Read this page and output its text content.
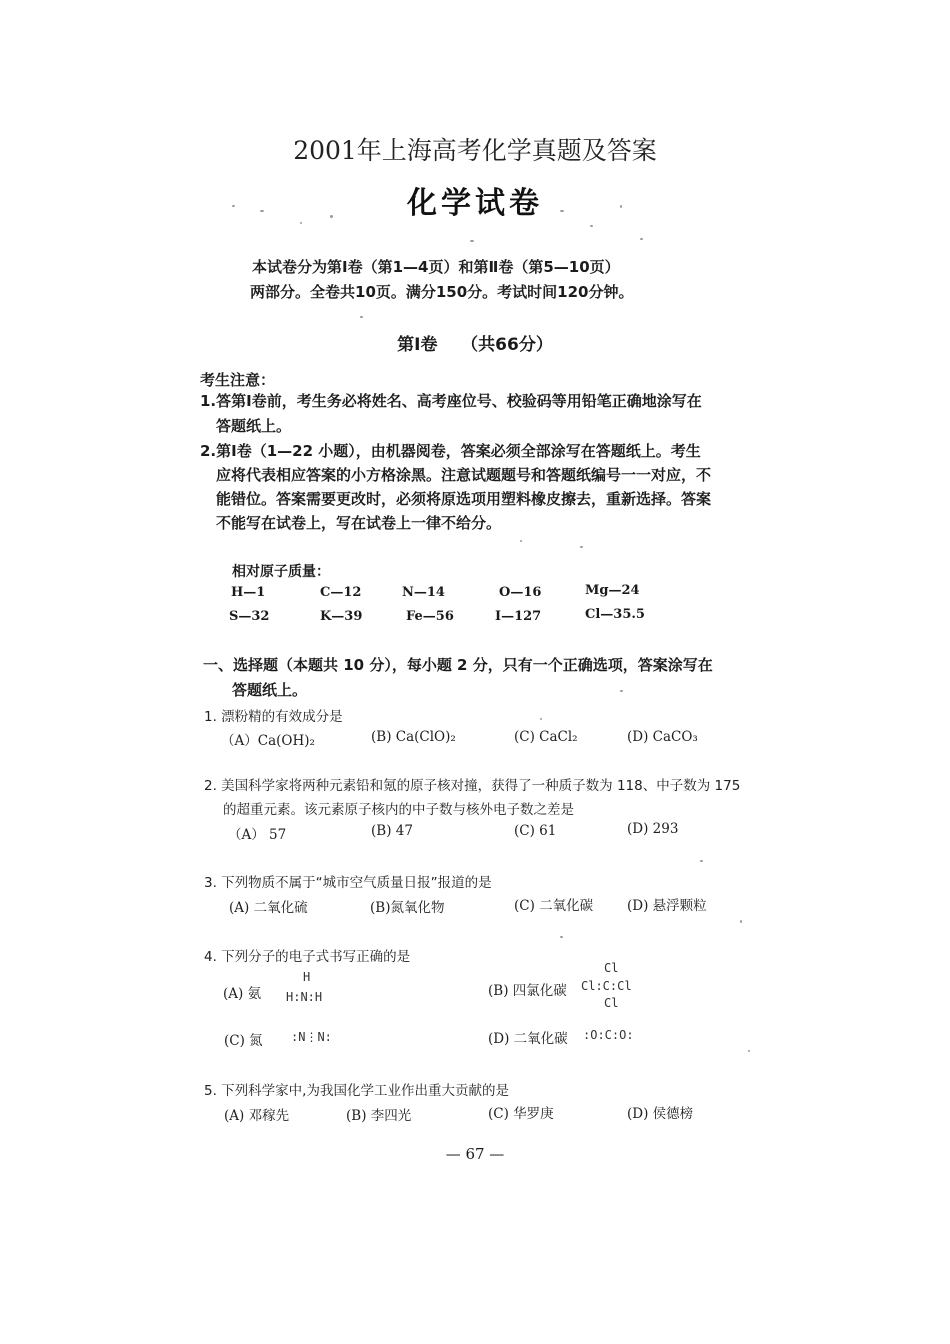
2001年上海高考化学真题及答案
化学试卷
本试卷分为第Ⅰ卷（第1—4页）和第Ⅱ卷（第5—10页）
两部分。全卷共10页。满分150分。考试时间120分钟。
第Ⅰ卷 （共66分）
考生注意：
1.答第Ⅰ卷前，考生务必将姓名、高考座位号、校验码等用铅笔正确地涂写在
答题纸上。
2.第Ⅰ卷（1—22 小题），由机器阅卷，答案必须全部涂写在答题纸上。考生
应将代表相应答案的小方格涂黑。注意试题题号和答题纸编号一一对应，不
能错位。答案需要更改时，必须将原选项用塑料橡皮擦去，重新选择。答案
不能写在试卷上，写在试卷上一律不给分。
相对原子质量：
H—1	C—12	N—14	O—16	Mg—24
S—32	K—39	Fe—56	I—127	Cl—35.5
一、选择题（本题共 10 分），每小题 2 分，只有一个正确选项，答案涂写在
答题纸上。
1. 漂粉精的有效成分是
（A）Ca(OH)₂	(B) Ca(ClO)₂	(C) CaCl₂	(D) CaCO₃
2. 美国科学家将两种元素铅和氪的原子核对撞，获得了一种质子数为 118、中子数为 175
的超重元素。该元素原子核内的中子数与核外电子数之差是
（A） 57	(B) 47	(C) 61	(D) 293
3. 下列物质不属于“城市空气质量日报”报道的是
(A) 二氧化硫	(B)氮氧化物	(C) 二氧化碳	(D) 悬浮颗粒
4. 下列分子的电子式书写正确的是
(A) 氨
H
H:N:H	(B) 四氯化碳
Cl
Cl:C:Cl
Cl
(C) 氮 :N⋮N:	(D) 二氧化碳 :O:C:O:
5. 下列科学家中,为我国化学工业作出重大贡献的是
(A) 邓稼先	(B) 李四光	(C) 华罗庚	(D) 侯德榜
— 67 —
